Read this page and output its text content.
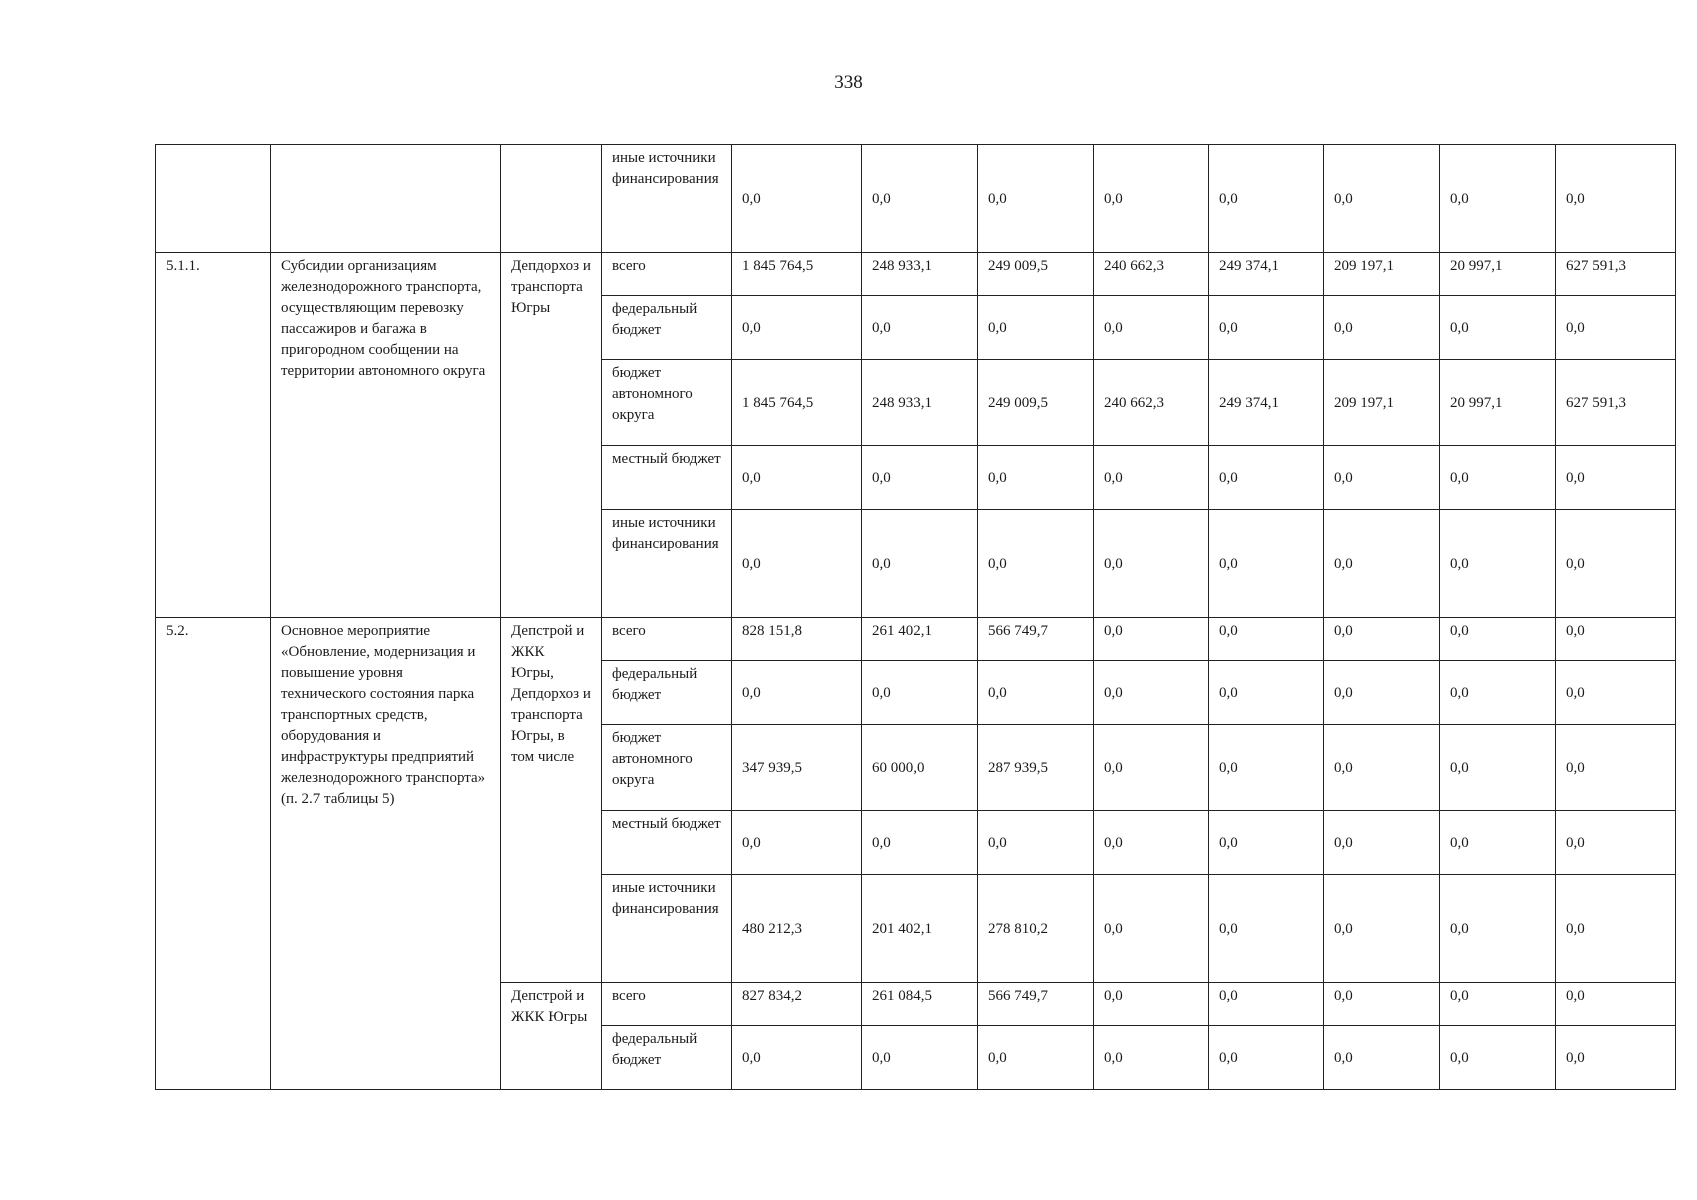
338
			иные источники финансирования	0,0	0,0	0,0	0,0	0,0	0,0	0,0	0,0
5.1.1.	Субсидии организациям железнодорожного транспорта, осуществляющим перевозку пассажиров и багажа в пригородном сообщении на территории автономного округа	Депдорхоз и транспорта Югры	всего	1 845 764,5	248 933,1	249 009,5	240 662,3	249 374,1	209 197,1	20 997,1	627 591,3
			федеральный бюджет	0,0	0,0	0,0	0,0	0,0	0,0	0,0	0,0
			бюджет автономного округа	1 845 764,5	248 933,1	249 009,5	240 662,3	249 374,1	209 197,1	20 997,1	627 591,3
			местный бюджет	0,0	0,0	0,0	0,0	0,0	0,0	0,0	0,0
			иные источники финансирования	0,0	0,0	0,0	0,0	0,0	0,0	0,0	0,0
5.2.	Основное мероприятие «Обновление, модернизация и повышение уровня технического состояния парка транспортных средств, оборудования и инфраструктуры предприятий железнодорожного транспорта» (п. 2.7 таблицы 5)	Депстрой и ЖКК Югры, Депдорхоз и транспорта Югры, в том числе	всего	828 151,8	261 402,1	566 749,7	0,0	0,0	0,0	0,0	0,0
			федеральный бюджет	0,0	0,0	0,0	0,0	0,0	0,0	0,0	0,0
			бюджет автономного округа	347 939,5	60 000,0	287 939,5	0,0	0,0	0,0	0,0	0,0
			местный бюджет	0,0	0,0	0,0	0,0	0,0	0,0	0,0	0,0
			иные источники финансирования	480 212,3	201 402,1	278 810,2	0,0	0,0	0,0	0,0	0,0
		Депстрой и ЖКК Югры	всего	827 834,2	261 084,5	566 749,7	0,0	0,0	0,0	0,0	0,0
			федеральный бюджет	0,0	0,0	0,0	0,0	0,0	0,0	0,0	0,0
